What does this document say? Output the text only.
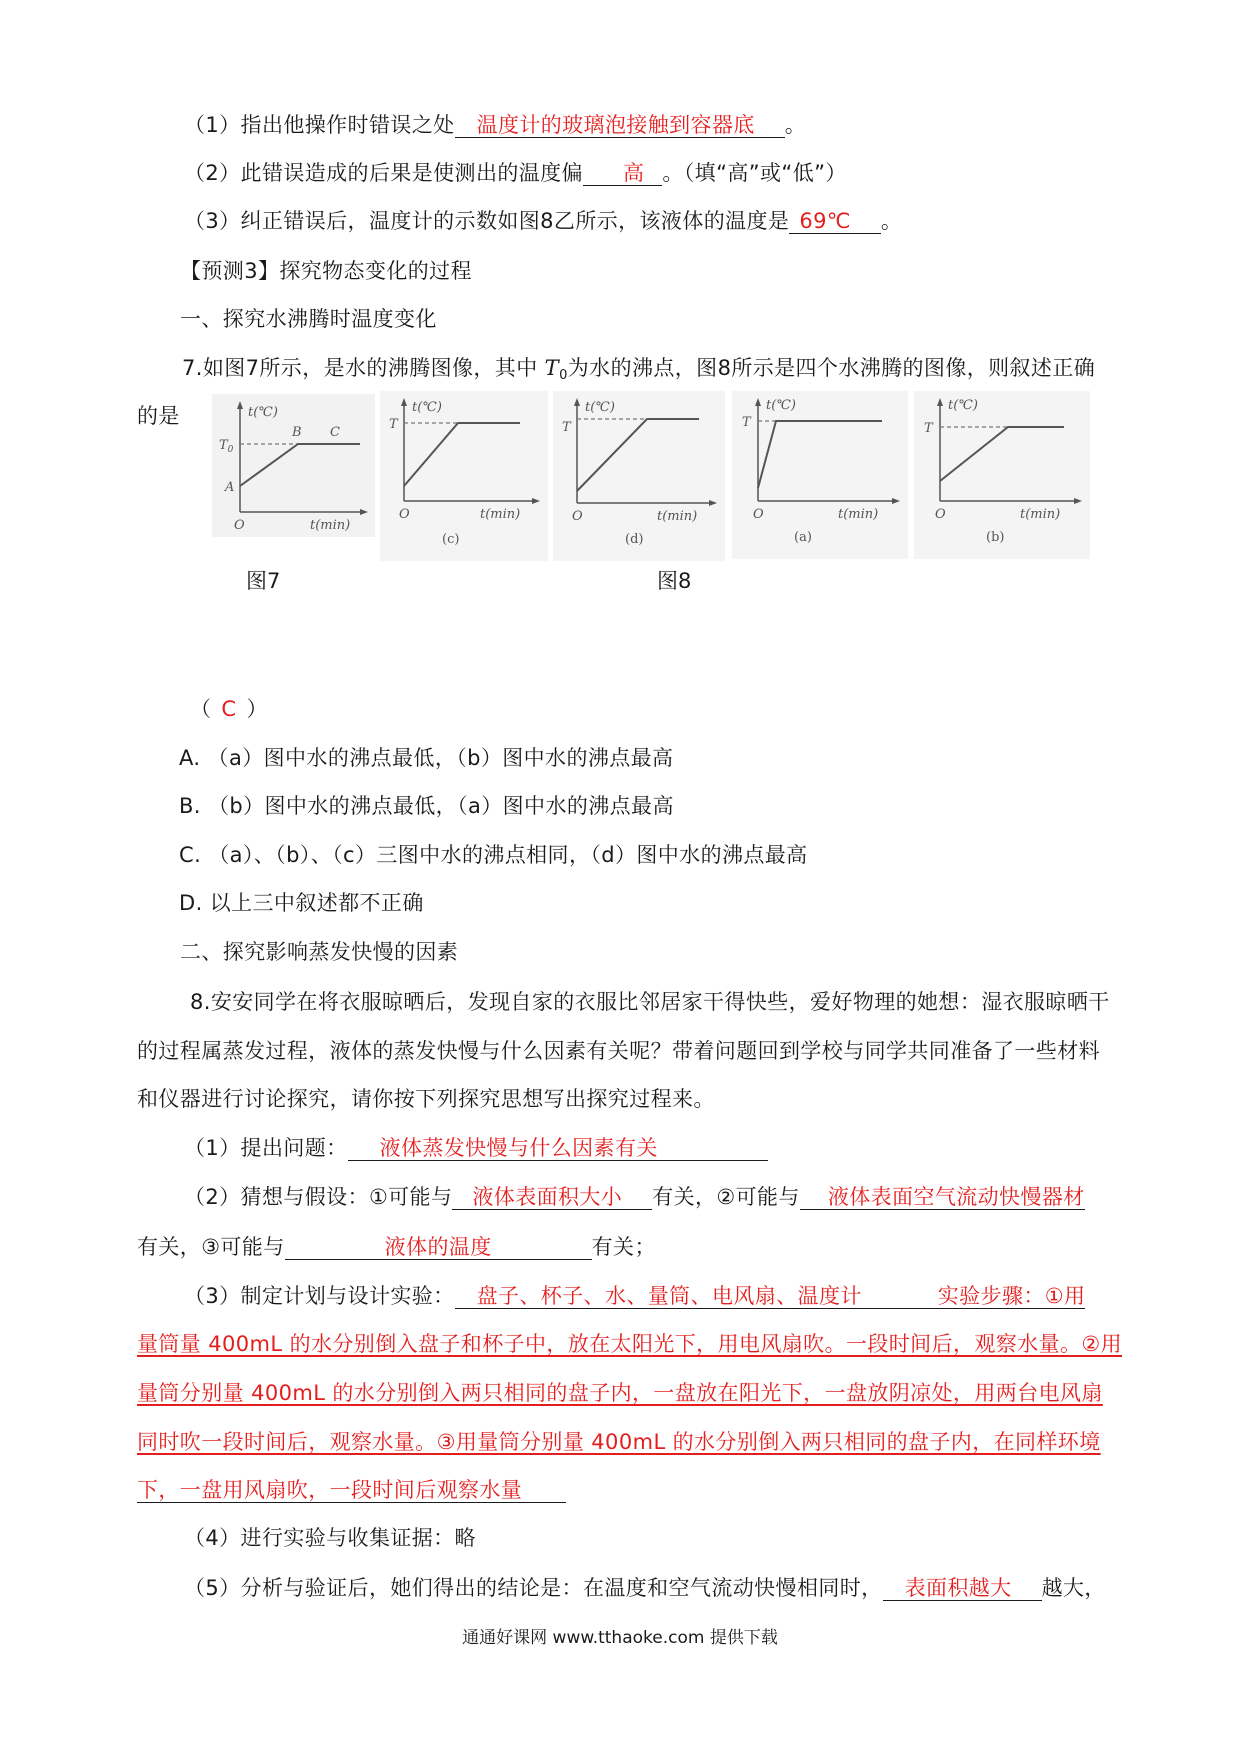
（1）指出他操作时错误之处 温度计的玻璃泡接触到容器底 。
（2）此错误造成的后果是使测出的温度偏 高 。（填“高”或“低”）
（3）纠正错误后，温度计的示数如图8乙所示，该液体的温度是 69℃ 。
【预测3】探究物态变化的过程
一、探究水沸腾时温度变化
7.如图7所示，是水的沸腾图像，其中 $T_0$为水的沸点，图8所示是四个水沸腾的图像，则叙述正确
的是	t(℃)
$T_0$
A
B C
O	t(min)
t(℃)
T
O	t(min)
(c)
t(℃)
T
O	t(min)
(d)
t(℃)
T
O	t(min)
(a)
t(℃)
T
O	t(min)
(b)
图7	图8
（ C ）
A. （a）图中水的沸点最低，（b）图中水的沸点最高
B. （b）图中水的沸点最低，（a）图中水的沸点最高
C. （a）、（b）、（c）三图中水的沸点相同，（d）图中水的沸点最高
D. 以上三中叙述都不正确
二、探究影响蒸发快慢的因素
8.安安同学在将衣服晾晒后，发现自家的衣服比邻居家干得快些，爱好物理的她想：湿衣服晾晒干
的过程属蒸发过程，液体的蒸发快慢与什么因素有关呢？带着问题回到学校与同学共同准备了一些材料
和仪器进行讨论探究，请你按下列探究思想写出探究过程来。
（1）提出问题： 液体蒸发快慢与什么因素有关
（2）猜想与假设：①可能与 液体表面积大小 有关，②可能与 液体表面空气流动快慢器材
有关，③可能与	液体的温度	有关；
（3）制定计划与设计实验： 盘子、杯子、水、量筒、电风扇、温度计	实验步骤：①用
量筒量 400mL 的水分别倒入盘子和杯子中，放在太阳光下，用电风扇吹。一段时间后，观察水量。②用
量筒分别量 400mL 的水分别倒入两只相同的盘子内，一盘放在阳光下，一盘放阴凉处，用两台电风扇
同时吹一段时间后，观察水量。③用量筒分别量 400mL 的水分别倒入两只相同的盘子内，在同样环境
下，一盘用风扇吹，一段时间后观察水量
（4）进行实验与收集证据：略
（5）分析与验证后，她们得出的结论是：在温度和空气流动快慢相同时， 表面积越大 越大，
通通好课网 www.tthaoke.com 提供下载
